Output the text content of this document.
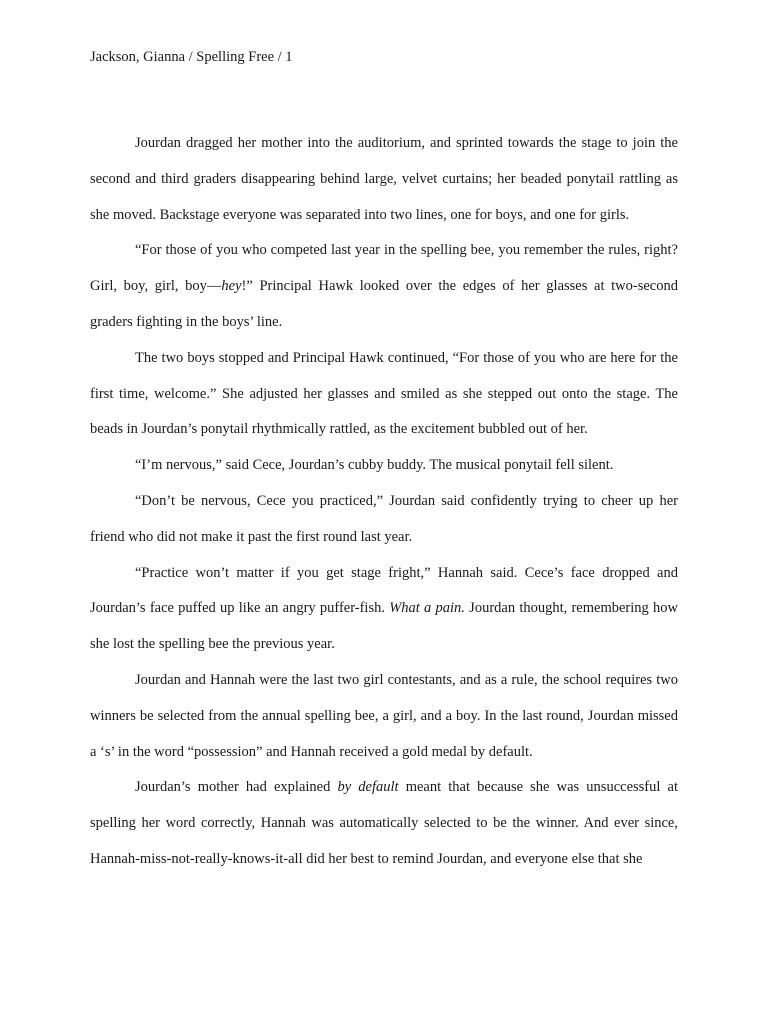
Jackson, Gianna / Spelling Free / 1

Jourdan dragged her mother into the auditorium, and sprinted towards the stage to join the second and third graders disappearing behind large, velvet curtains; her beaded ponytail rattling as she moved. Backstage everyone was separated into two lines, one for boys, and one for girls.

“For those of you who competed last year in the spelling bee, you remember the rules, right? Girl, boy, girl, boy—hey!” Principal Hawk looked over the edges of her glasses at two-second graders fighting in the boys’ line.

The two boys stopped and Principal Hawk continued, “For those of you who are here for the first time, welcome.” She adjusted her glasses and smiled as she stepped out onto the stage. The beads in Jourdan’s ponytail rhythmically rattled, as the excitement bubbled out of her.

“I’m nervous,” said Cece, Jourdan’s cubby buddy. The musical ponytail fell silent.

“Don’t be nervous, Cece you practiced,” Jourdan said confidently trying to cheer up her friend who did not make it past the first round last year.

“Practice won’t matter if you get stage fright,” Hannah said. Cece’s face dropped and Jourdan’s face puffed up like an angry puffer-fish. What a pain. Jourdan thought, remembering how she lost the spelling bee the previous year.

Jourdan and Hannah were the last two girl contestants, and as a rule, the school requires two winners be selected from the annual spelling bee, a girl, and a boy. In the last round, Jourdan missed a ‘s’ in the word “possession” and Hannah received a gold medal by default.

Jourdan’s mother had explained by default meant that because she was unsuccessful at spelling her word correctly, Hannah was automatically selected to be the winner. And ever since, Hannah-miss-not-really-knows-it-all did her best to remind Jourdan, and everyone else that she
